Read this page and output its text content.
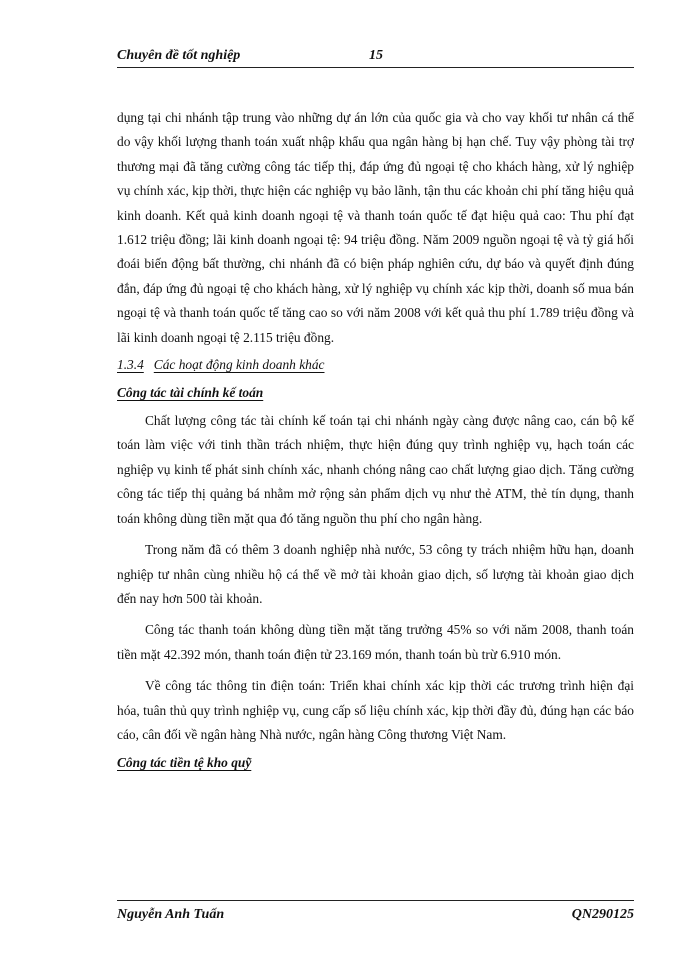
Chuyên đề tốt nghiệp	15

dụng tại chi nhánh tập trung vào những dự án lớn của quốc gia và cho vay khối tư nhân cá thể do vậy khối lượng thanh toán xuất nhập khẩu qua ngân hàng bị hạn chế. Tuy vậy phòng tài trợ thương mại đã tăng cường công tác tiếp thị, đáp ứng đủ ngoại tệ cho khách hàng, xử lý nghiệp vụ chính xác, kịp thời, thực hiện các nghiệp vụ bảo lãnh, tận thu các khoản chi phí tăng hiệu quả kinh doanh. Kết quả kinh doanh ngoại tệ và thanh toán quốc tế đạt hiệu quả cao: Thu phí đạt 1.612 triệu đồng; lãi kinh doanh ngoại tệ: 94 triệu đồng. Năm 2009 nguồn ngoại tệ và tỷ giá hối đoái biến động bất thường, chi nhánh đã có biện pháp nghiên cứu, dự báo và quyết định đúng đắn, đáp ứng đủ ngoại tệ cho khách hàng, xử lý nghiệp vụ chính xác kịp thời, doanh số mua bán ngoại tệ và thanh toán quốc tế tăng cao so với năm 2008 với kết quả thu phí 1.789 triệu đồng và lãi kinh doanh ngoại tệ 2.115 triệu đồng.

1.3.4 Các hoạt động kinh doanh khác
Công tác tài chính kế toán

Chất lượng công tác tài chính kế toán tại chi nhánh ngày càng được nâng cao, cán bộ kế toán làm việc với tinh thần trách nhiệm, thực hiện đúng quy trình nghiệp vụ, hạch toán các nghiệp vụ kinh tế phát sinh chính xác, nhanh chóng nâng cao chất lượng giao dịch. Tăng cường công tác tiếp thị quảng bá nhằm mở rộng sản phẩm dịch vụ như thẻ ATM, thẻ tín dụng, thanh toán không dùng tiền mặt qua đó tăng nguồn thu phí cho ngân hàng.

Trong năm đã có thêm 3 doanh nghiệp nhà nước, 53 công ty trách nhiệm hữu hạn, doanh nghiệp tư nhân cùng nhiều hộ cá thể về mở tài khoản giao dịch, số lượng tài khoản giao dịch đến nay hơn 500 tài khoản.

Công tác thanh toán không dùng tiền mặt tăng trưởng 45% so với năm 2008, thanh toán tiền mặt 42.392 món, thanh toán điện tử 23.169 món, thanh toán bù trừ 6.910 món.

Về công tác thông tin điện toán: Triển khai chính xác kịp thời các trương trình hiện đại hóa, tuân thủ quy trình nghiệp vụ, cung cấp số liệu chính xác, kịp thời đầy đủ, đúng hạn các báo cáo, cân đối về ngân hàng Nhà nước, ngân hàng Công thương Việt Nam.

Công tác tiền tệ kho quỹ
Nguyễn Anh Tuấn	QN290125
